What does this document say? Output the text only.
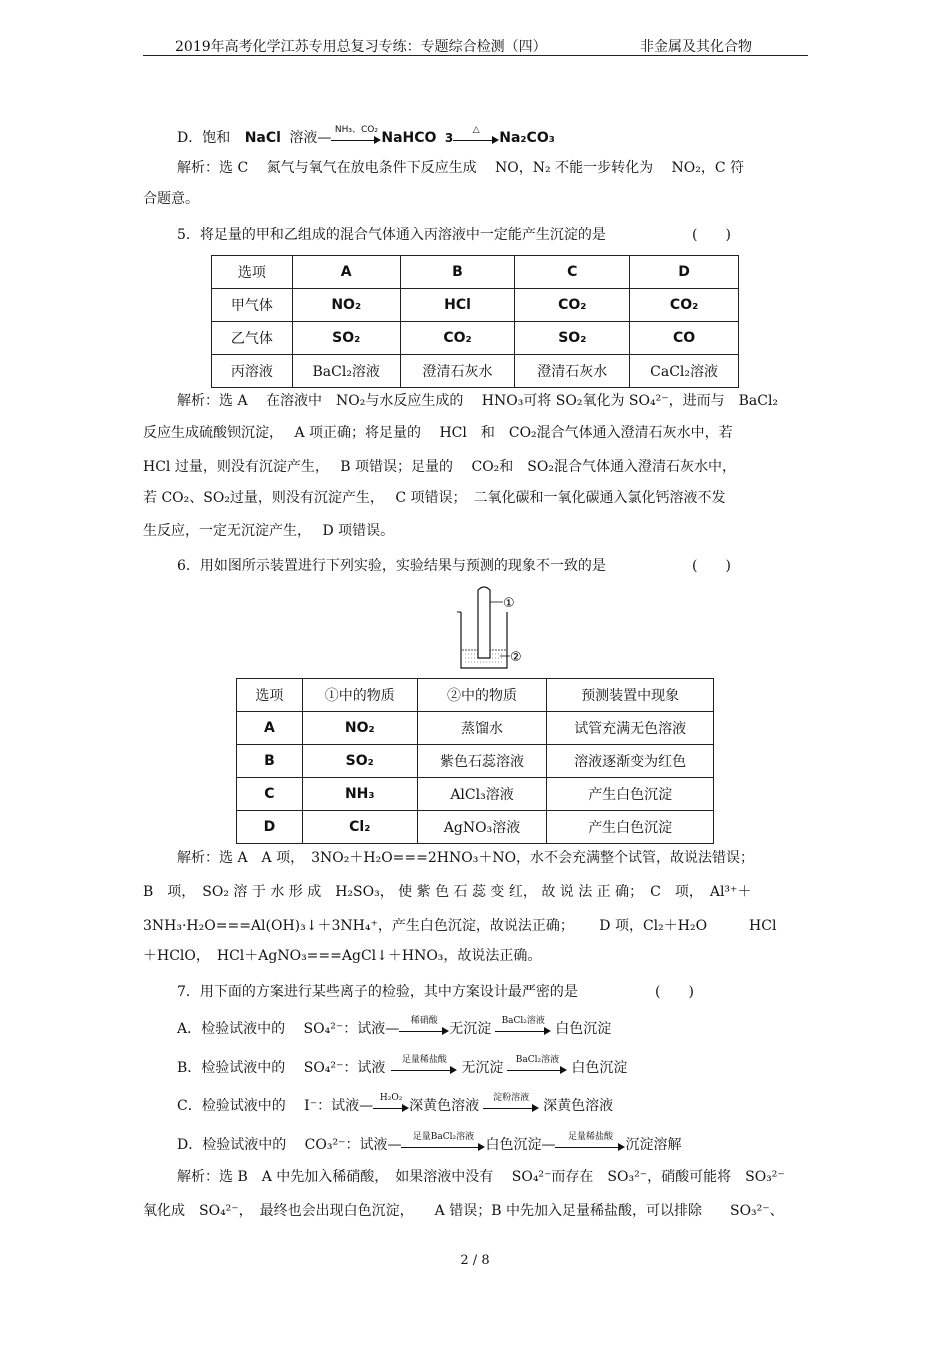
2019年高考化学江苏专用总复习专练：专题综合检测（四）	非金属及其化合物
D．饱和 NaCl 溶液— NH₃、CO₂ NaHCO 3
△	Na₂CO₃
解析：选 C　 氮气与氧气在放电条件下反应生成　 NO，N₂ 不能一步转化为　 NO₂，C 符
合题意。
5．将足量的甲和乙组成的混合气体通入丙溶液中一定能产生沉淀的是	(　　)
选项	A	B	C	D
甲气体	NO₂	HCl	CO₂	CO₂
乙气体	SO₂	CO₂	SO₂	CO
丙溶液	BaCl₂溶液	澄清石灰水	澄清石灰水	CaCl₂溶液
解析：选 A　 在溶液中　NO₂与水反应生成的　 HNO₃可将 SO₂氧化为 SO₄²⁻，进而与　BaCl₂
反应生成硫酸钡沉淀，　 A 项正确；将足量的　 HCl　和　CO₂混合气体通入澄清石灰水中，若
HCl 过量，则没有沉淀产生，　 B 项错误；足量的　 CO₂和　SO₂混合气体通入澄清石灰水中，
若 CO₂、SO₂过量，则没有沉淀产生，　 C 项错误；　二氧化碳和一氧化碳通入氯化钙溶液不发
生反应，一定无沉淀产生，　 D 项错误。
6．用如图所示装置进行下列实验，实验结果与预测的现象不一致的是	(　　)
①
②
选项	①中的物质	②中的物质	预测装置中现象
A	NO₂	蒸馏水	试管充满无色溶液
B	SO₂	紫色石蕊溶液	溶液逐渐变为红色
C	NH₃	AlCl₃溶液	产生白色沉淀
D	Cl₂	AgNO₃溶液	产生白色沉淀
解析：选 A　A 项，　3NO₂＋H₂O===2HNO₃＋NO，水不会充满整个试管，故说法错误；
B　项，　SO₂ 溶 于 水 形 成　H₂SO₃， 使 紫 色 石 蕊 变 红， 故 说 法 正 确；　C　项，　Al³⁺＋
3NH₃·H₂O===Al(OH)₃↓＋3NH₄⁺，产生白色沉淀，故说法正确；　　 D 项，Cl₂＋H₂O　　　HCl
＋HClO，　HCl＋AgNO₃===AgCl↓＋HNO₃，故说法正确。
7．用下面的方案进行某些离子的检验，其中方案设计最严密的是	(　　)
A．检验试液中的　 SO₄²⁻：试液—	稀硝酸 无沉淀	BaCl₂溶液 白色沉淀
B．检验试液中的　 SO₄²⁻：试液	足量稀盐酸	无沉淀	BaCl₂溶液 白色沉淀
C．检验试液中的　 I⁻：试液— H₂O₂ 深黄色溶液	淀粉溶液	深黄色溶液
D．检验试液中的　 CO₃²⁻：试液—	足量BaCl₂溶液 白色沉淀—	足量稀盐酸 沉淀溶解
解析：选 B　A 中先加入稀硝酸，　如果溶液中没有　 SO₄²⁻而存在　SO₃²⁻，硝酸可能将　SO₃²⁻
氧化成　SO₄²⁻，　最终也会出现白色沉淀，　　A 错误；B 中先加入足量稀盐酸，可以排除　　SO₃²⁻、
2 / 8
